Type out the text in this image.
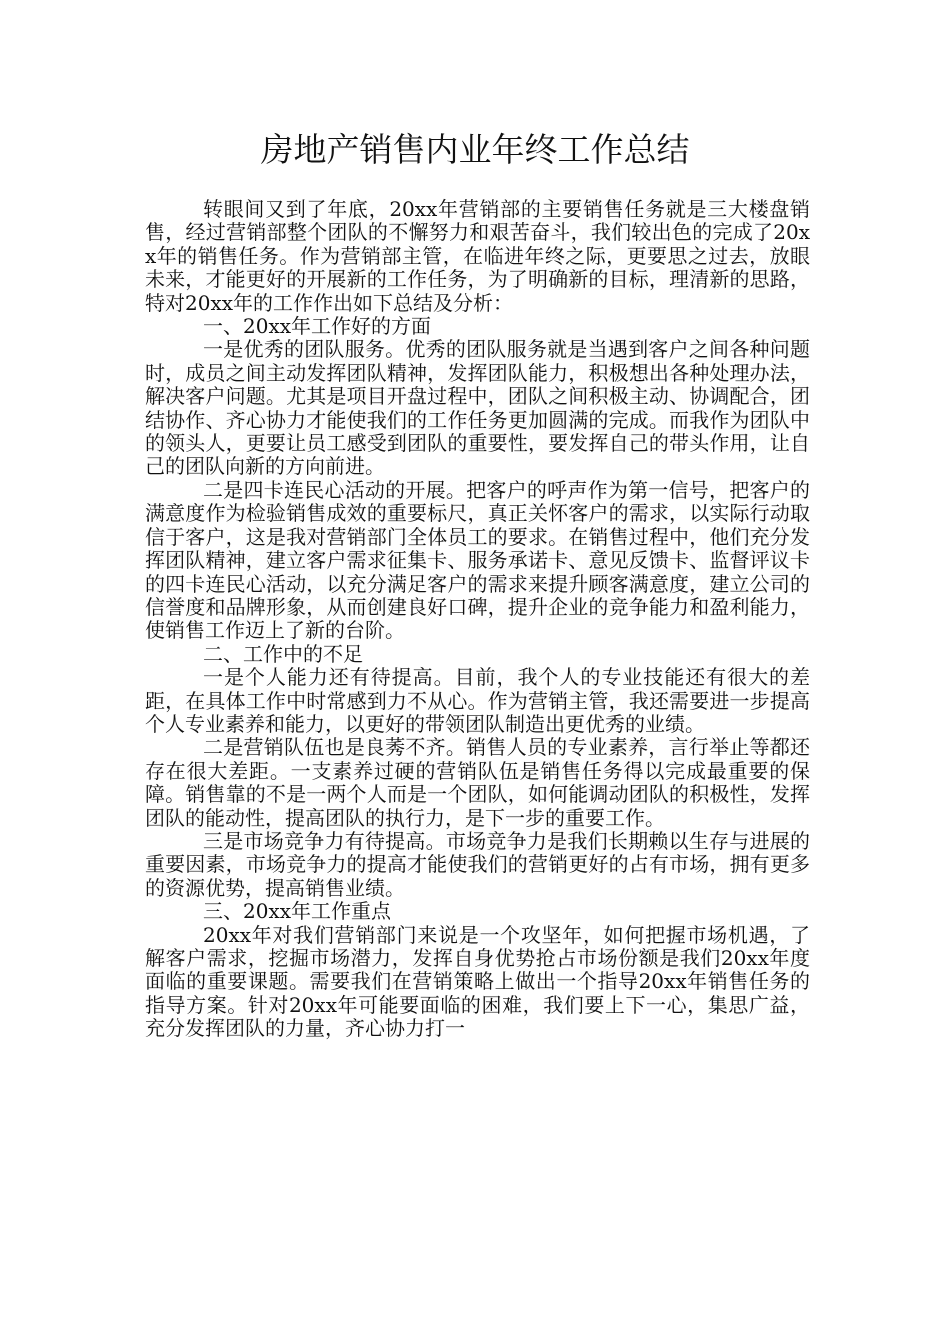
房地产销售内业年终工作总结

转眼间又到了年底，20xx年营销部的主要销售任务就是三大楼盘销售，经过营销部整个团队的不懈努力和艰苦奋斗，我们较出色的完成了20xx年的销售任务。作为营销部主管，在临进年终之际，更要思之过去，放眼未来，才能更好的开展新的工作任务，为了明确新的目标，理清新的思路，特对20xx年的工作作出如下总结及分析：

一、20xx年工作好的方面

一是优秀的团队服务。优秀的团队服务就是当遇到客户之间各种问题时，成员之间主动发挥团队精神，发挥团队能力，积极想出各种处理办法，解决客户问题。尤其是项目开盘过程中，团队之间积极主动、协调配合，团结协作、齐心协力才能使我们的工作任务更加圆满的完成。而我作为团队中的领头人，更要让员工感受到团队的重要性，要发挥自己的带头作用，让自己的团队向新的方向前进。

二是四卡连民心活动的开展。把客户的呼声作为第一信号，把客户的满意度作为检验销售成效的重要标尺，真正关怀客户的需求，以实际行动取信于客户，这是我对营销部门全体员工的要求。在销售过程中，他们充分发挥团队精神，建立客户需求征集卡、服务承诺卡、意见反馈卡、监督评议卡的四卡连民心活动，以充分满足客户的需求来提升顾客满意度，建立公司的信誉度和品牌形象，从而创建良好口碑，提升企业的竞争能力和盈利能力，使销售工作迈上了新的台阶。

二、工作中的不足

一是个人能力还有待提高。目前，我个人的专业技能还有很大的差距，在具体工作中时常感到力不从心。作为营销主管，我还需要进一步提高个人专业素养和能力，以更好的带领团队制造出更优秀的业绩。

二是营销队伍也是良莠不齐。销售人员的专业素养，言行举止等都还存在很大差距。一支素养过硬的营销队伍是销售任务得以完成最重要的保障。销售靠的不是一两个人而是一个团队，如何能调动团队的积极性，发挥团队的能动性，提高团队的执行力，是下一步的重要工作。

三是市场竞争力有待提高。市场竞争力是我们长期赖以生存与进展的重要因素，市场竞争力的提高才能使我们的营销更好的占有市场，拥有更多的资源优势，提高销售业绩。

三、20xx年工作重点

20xx年对我们营销部门来说是一个攻坚年，如何把握市场机遇，了解客户需求，挖掘市场潜力，发挥自身优势抢占市场份额是我们20xx年度面临的重要课题。需要我们在营销策略上做出一个指导20xx年销售任务的指导方案。针对20xx年可能要面临的困难，我们要上下一心，集思广益，充分发挥团队的力量，齐心协力打一
